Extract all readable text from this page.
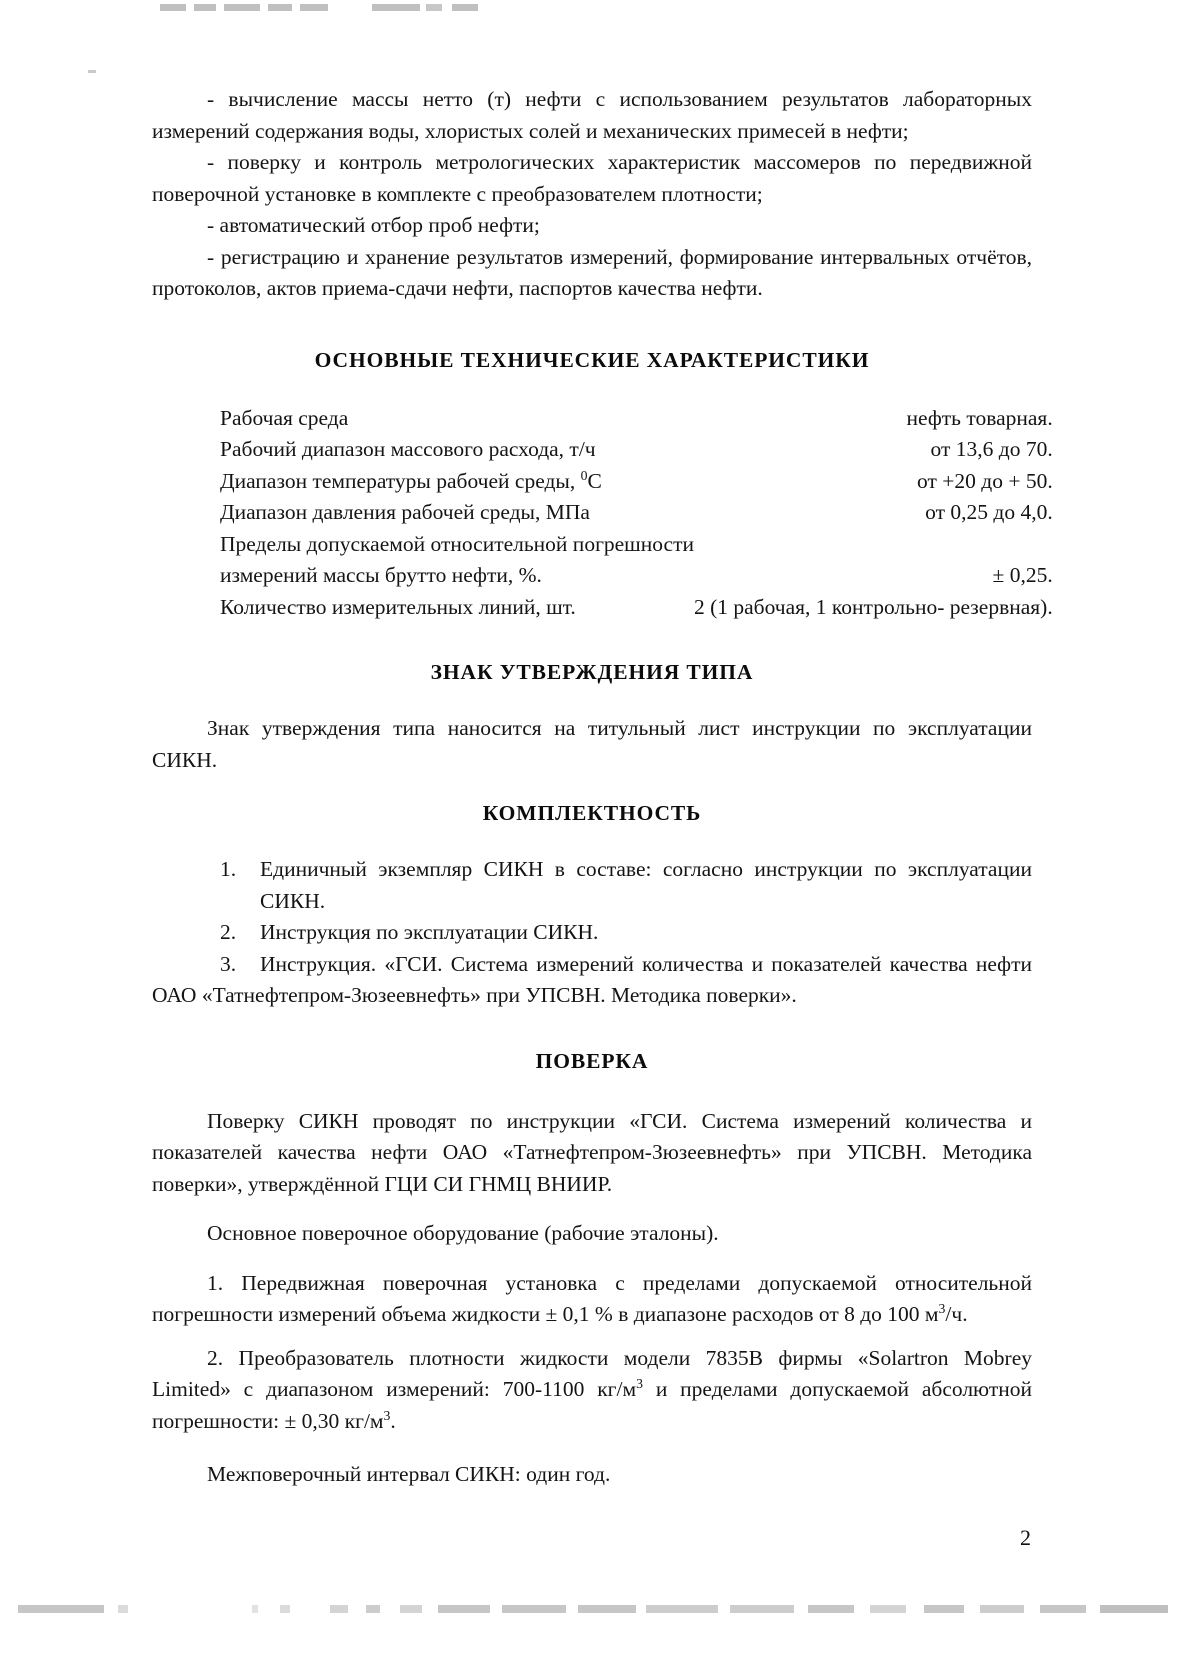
- вычисление массы нетто (т) нефти с использованием результатов лабораторных измерений содержания воды, хлористых солей и механических примесей в нефти;

- поверку и контроль метрологических характеристик массомеров по передвижной поверочной установке в комплекте с преобразователем плотности;

- автоматический отбор проб нефти;

- регистрацию и хранение результатов измерений, формирование интервальных отчётов, протоколов, актов приема-сдачи нефти, паспортов качества нефти.

ОСНОВНЫЕ ТЕХНИЧЕСКИЕ ХАРАКТЕРИСТИКИ
Рабочая среда	нефть товарная.
Рабочий диапазон массового расхода, т/ч	от 13,6 до 70.
Диапазон температуры рабочей среды, $^0$С	от +20 до + 50.
Диапазон давления рабочей среды, МПа	от 0,25 до 4,0.
Пределы допускаемой относительной погрешности	
измерений массы брутто нефти, %.	± 0,25.
Количество измерительных линий, шт.	2 (1 рабочая, 1 контрольно- резервная).
ЗНАК УТВЕРЖДЕНИЯ ТИПА

Знак утверждения типа наносится на титульный лист инструкции по эксплуатации СИКН.

КОМПЛЕКТНОСТЬ
1.	Единичный экземпляр СИКН в составе: согласно инструкции по эксплуатации СИКН.
2.	Инструкция по эксплуатации СИКН.
3.	Инструкция. «ГСИ. Система измерений количества и показателей качества нефти ОАО «Татнефтепром-Зюзеевнефть» при УПСВН. Методика поверки».
ПОВЕРКА

Поверку СИКН проводят по инструкции «ГСИ. Система измерений количества и показателей качества нефти ОАО «Татнефтепром-Зюзеевнефть» при УПСВН. Методика поверки», утверждённой ГЦИ СИ ГНМЦ ВНИИР.

Основное поверочное оборудование (рабочие эталоны).

1. Передвижная поверочная установка с пределами допускаемой относительной погрешности измерений объема жидкости ± 0,1 % в диапазоне расходов от 8 до 100 $м^3/ч$.

2. Преобразователь плотности жидкости модели 7835В фирмы «Solartron Mobrey Limited» с диапазоном измерений: 700-1100 $кг/м^3$ и пределами допускаемой абсолютной погрешности: ± 0,30 $кг/м^3$.

Межповерочный интервал СИКН: один год.

2
